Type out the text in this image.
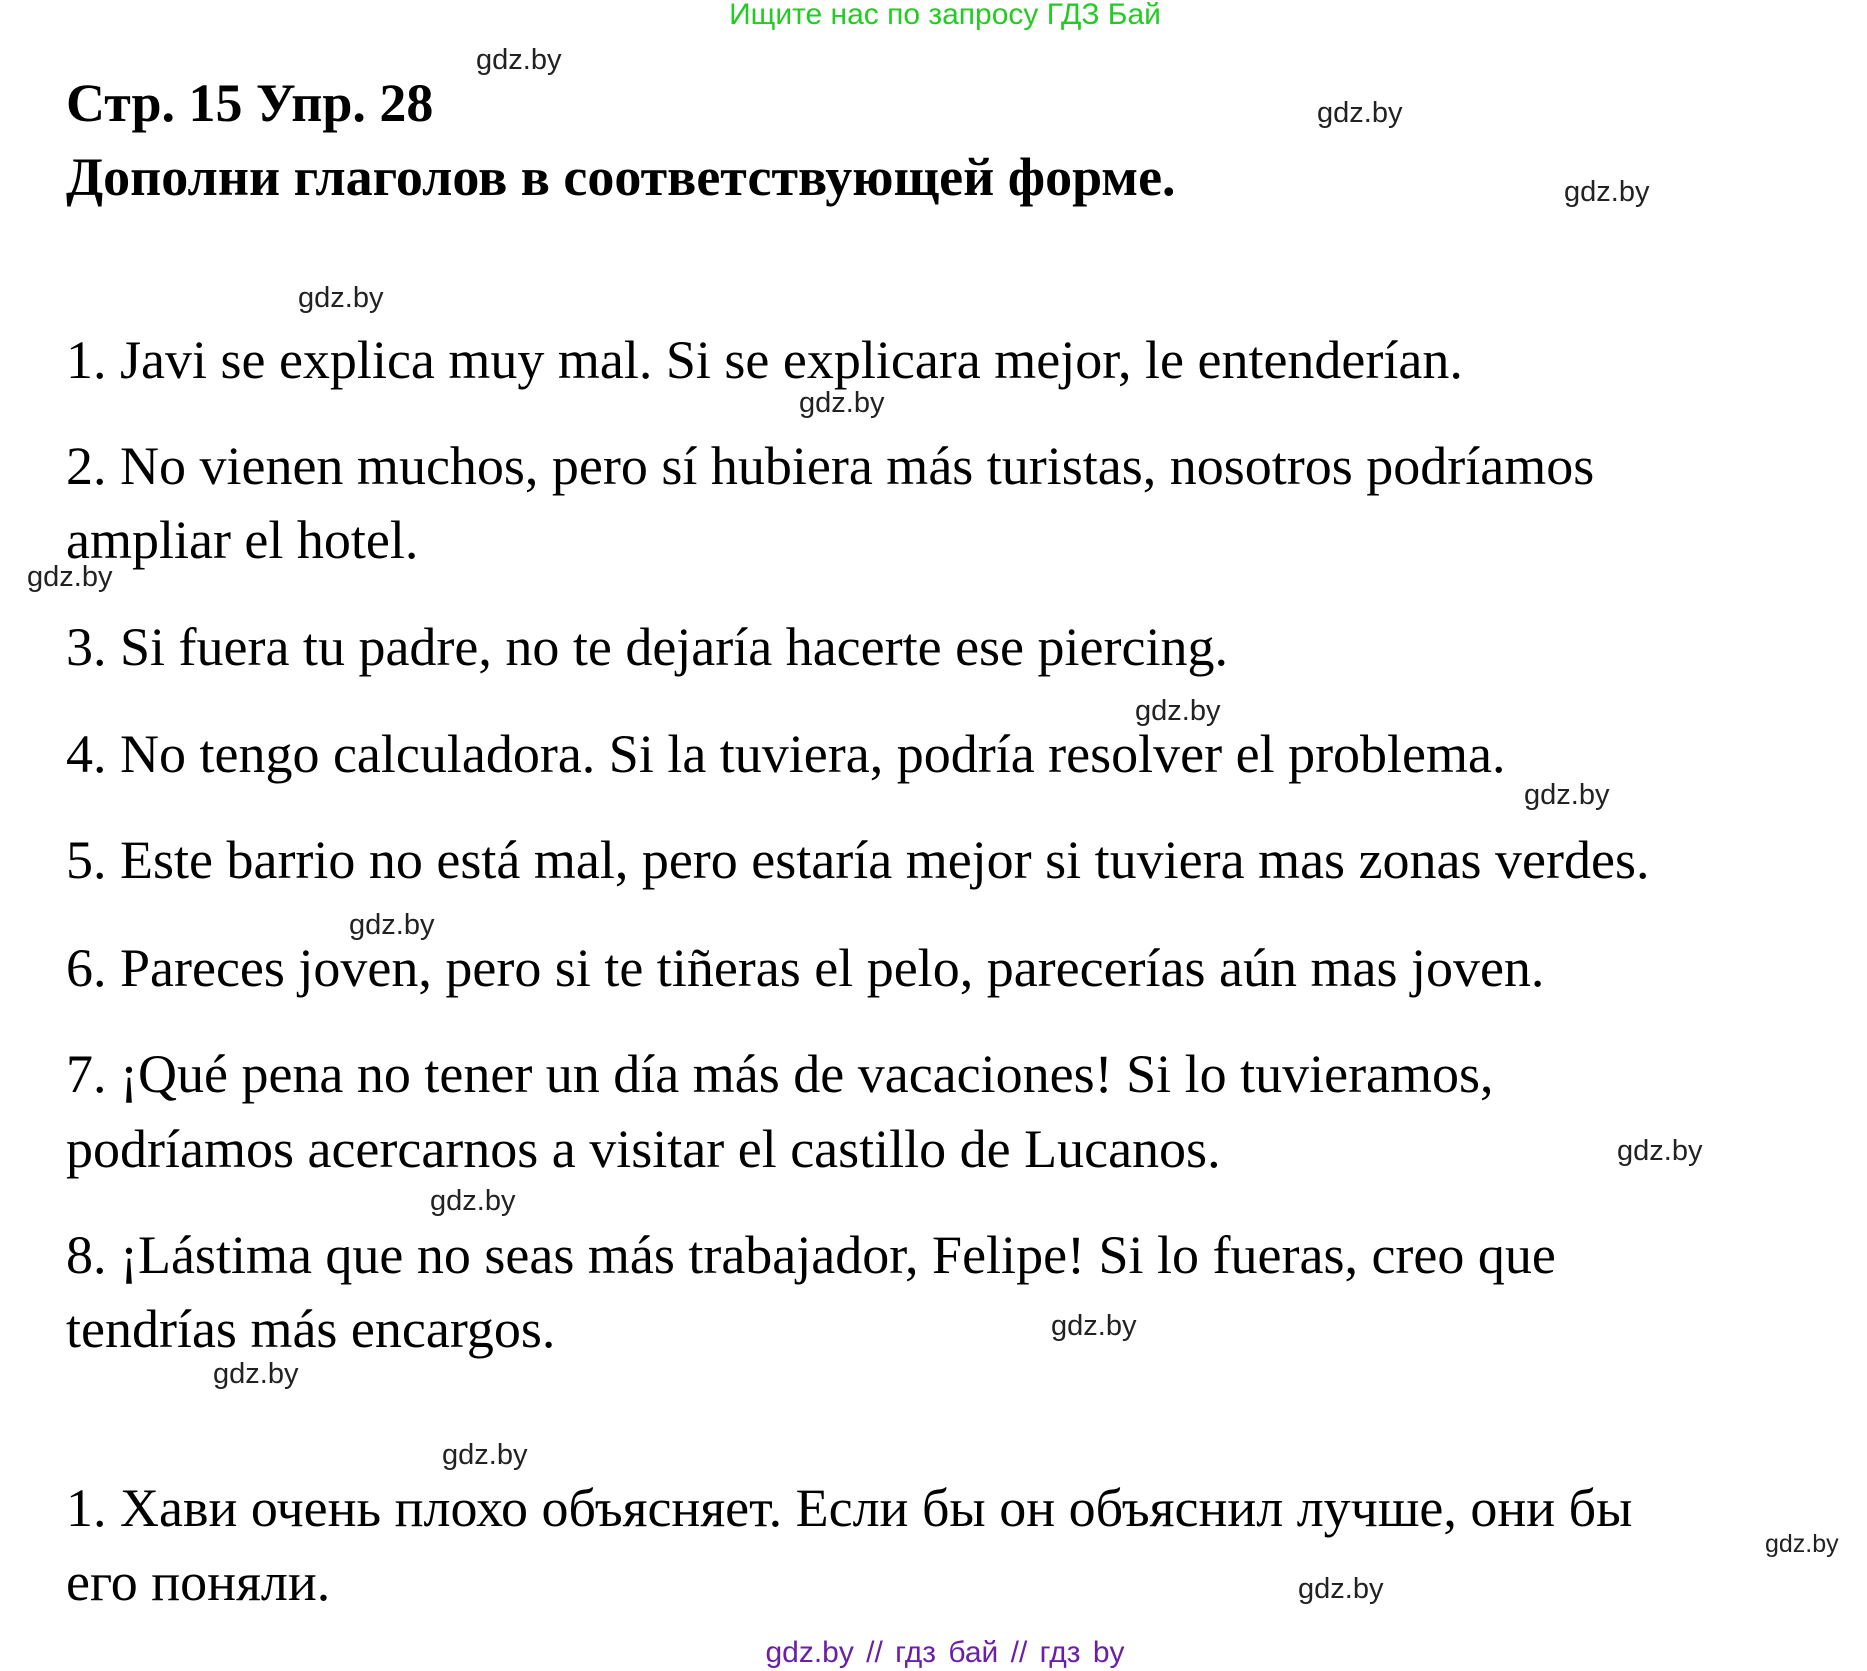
Ищите нас по запросу ГДЗ Бай
Стр. 15 Упр. 28
Дополни глаголов в соответствующей форме.
1. Javi se explica muy mal. Si se explicara mejor, le entenderían.
2. No vienen muchos, pero sí hubiera más turistas, nosotros podríamos
ampliar el hotel.
3. Si fuera tu padre, no te dejaría hacerte ese piercing.
4. No tengo calculadora. Si la tuviera, podría resolver el problema.
5. Este barrio no está mal, pero estaría mejor si tuviera mas zonas verdes.
6. Pareces joven, pero si te tiñeras el pelo, parecerías aún mas joven.
7. ¡Qué pena no tener un día más de vacaciones! Si lo tuvieramos,
podríamos acercarnos a visitar el castillo de Lucanos.
8. ¡Lástima que no seas más trabajador, Felipe! Si lo fueras, creo que
tendrías más encargos.
1. Хави очень плохо объясняет. Если бы он объяснил лучше, они бы
его поняли.
gdz.by
gdz.by
gdz.by
gdz.by
gdz.by
gdz.by
gdz.by
gdz.by
gdz.by
gdz.by
gdz.by
gdz.by
gdz.by
gdz.by
gdz.by
gdz.by
gdz.by // гдз бай // гдз by
